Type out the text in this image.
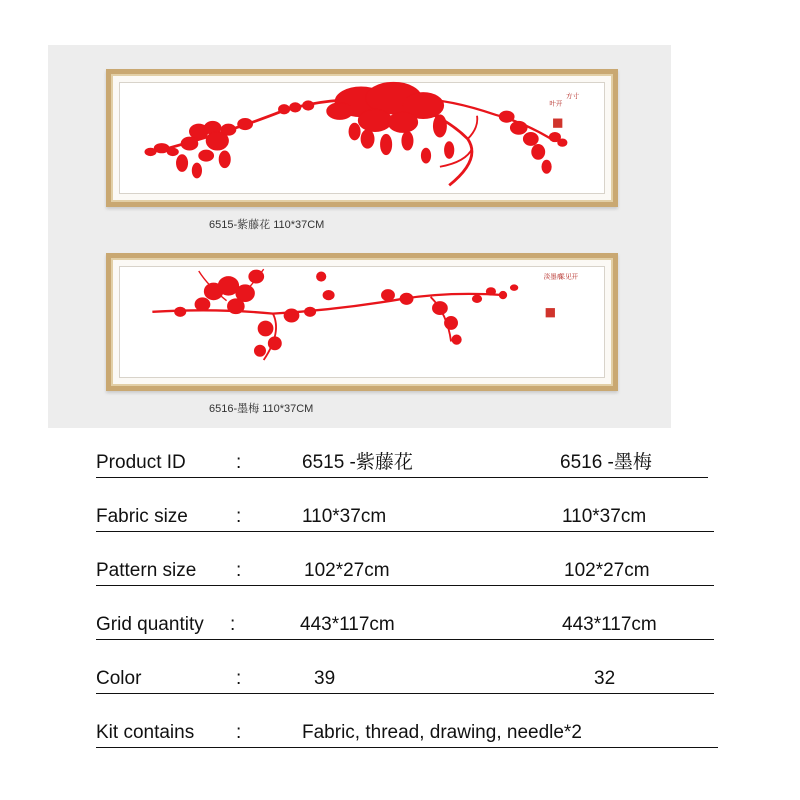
方寸
叶开
6515-紫藤花 110*37CM
淡墨痕
采见开
6516-墨梅 110*37CM
Product ID	:	6515 -紫藤花	6516 -墨梅
Fabric size	:	110*37cm	110*37cm
Pattern size :	102*27cm	102*27cm
Grid quantity :	443*117cm	443*117cm
Color	:	39	32
Kit contains :	Fabric, thread, drawing, needle*2
